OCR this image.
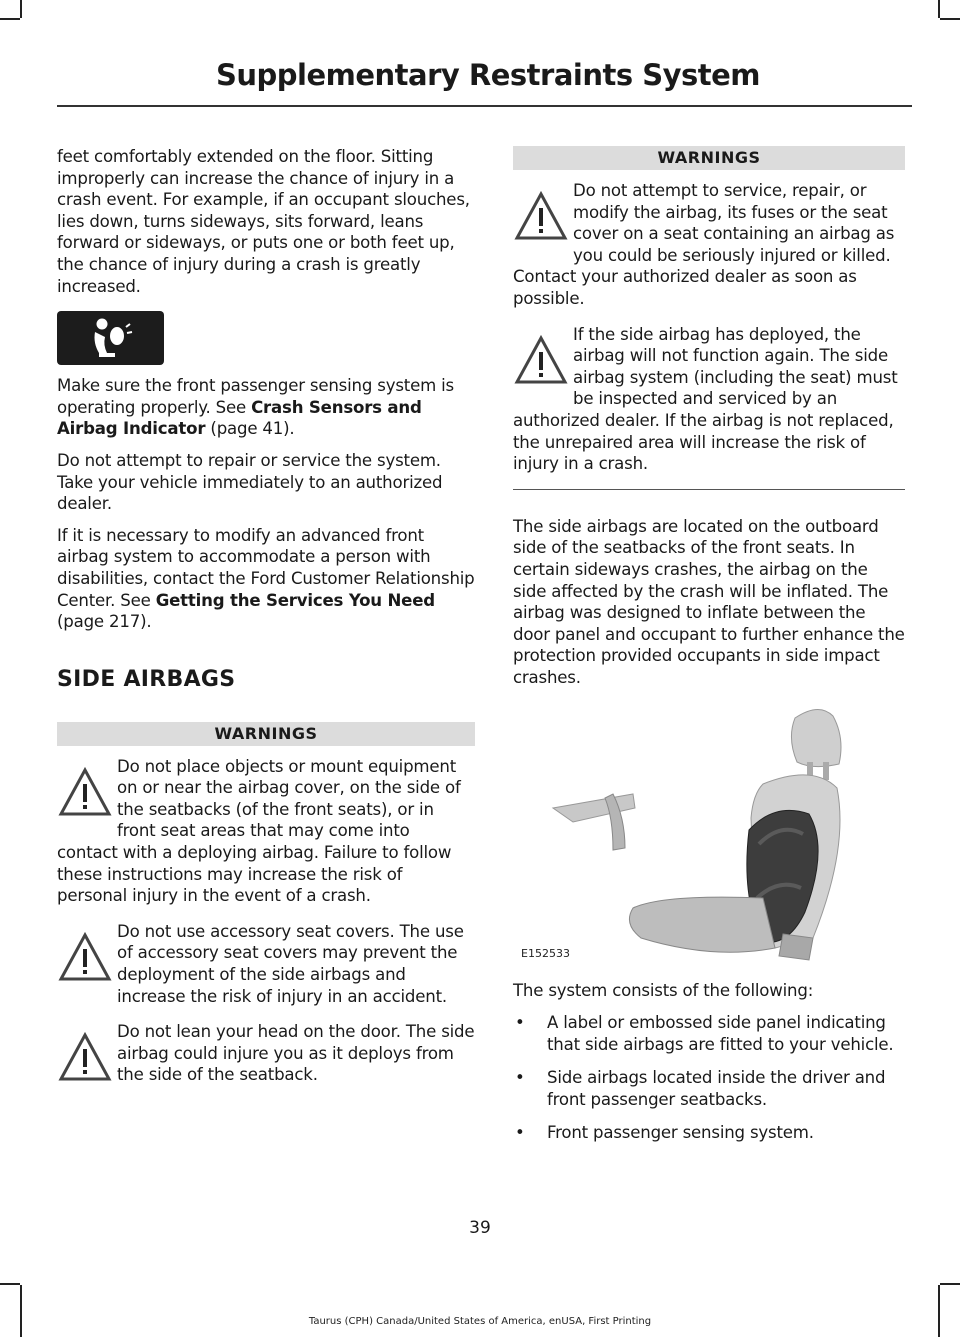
Supplementary Restraints System

feet comfortably extended on the floor. Sitting improperly can increase the chance of injury in a crash event. For example, if an occupant slouches, lies down, turns sideways, sits forward, leans forward or sideways, or puts one or both feet up, the chance of injury during a crash is greatly increased.

Make sure the front passenger sensing system is operating properly. See Crash Sensors and Airbag Indicator (page 41).

Do not attempt to repair or service the system. Take your vehicle immediately to an authorized dealer.

If it is necessary to modify an advanced front airbag system to accommodate a person with disabilities, contact the Ford Customer Relationship Center. See Getting the Services You Need (page 217).

SIDE AIRBAGS
WARNINGS
Do not place objects or mount equipment on or near the airbag cover, on the side of the seatbacks (of the front seats), or in front seat areas that may come into contact with a deploying airbag. Failure to follow these instructions may increase the risk of personal injury in the event of a crash.
Do not use accessory seat covers. The use of accessory seat covers may prevent the deployment of the side airbags and increase the risk of injury in an accident.
Do not lean your head on the door. The side airbag could injure you as it deploys from the side of the seatback.
WARNINGS
Do not attempt to service, repair, or modify the airbag, its fuses or the seat cover on a seat containing an airbag as you could be seriously injured or killed. Contact your authorized dealer as soon as possible.
If the side airbag has deployed, the airbag will not function again. The side airbag system (including the seat) must be inspected and serviced by an authorized dealer. If the airbag is not replaced, the unrepaired area will increase the risk of injury in a crash.

The side airbags are located on the outboard side of the seatbacks of the front seats. In certain sideways crashes, the airbag on the side affected by the crash will be inflated. The airbag was designed to inflate between the door panel and occupant to further enhance the protection provided occupants in side impact crashes.

E152533

The system consists of the following:

• A label or embossed side panel indicating that side airbags are fitted to your vehicle.
• Side airbags located inside the driver and front passenger seatbacks.
• Front passenger sensing system.
39
Taurus (CPH) Canada/United States of America, enUSA, First Printing
